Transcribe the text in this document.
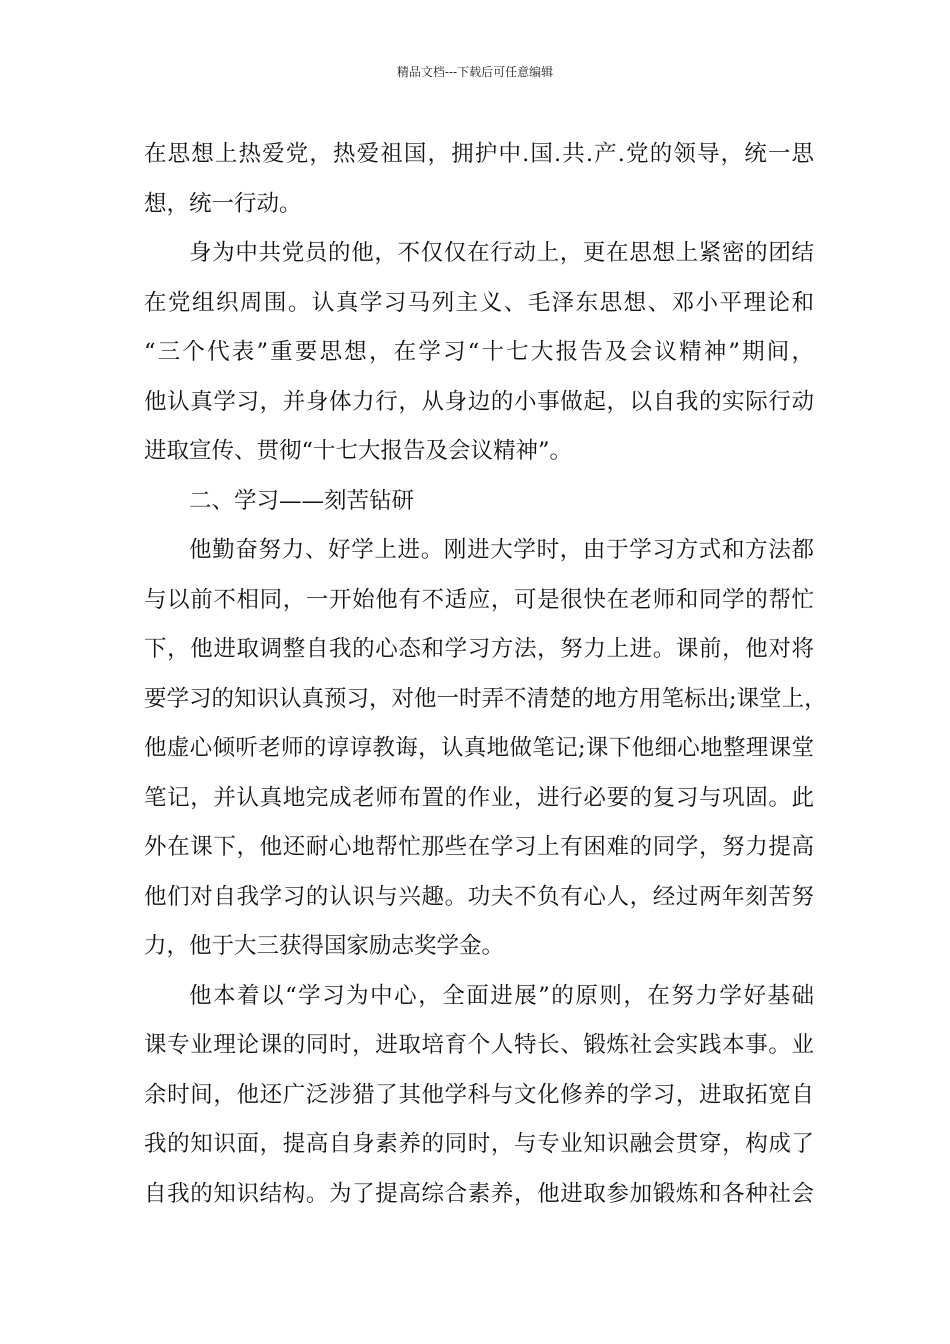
精品文档---下载后可任意编辑
在思想上热爱党，热爱祖国，拥护中.国.共.产.党的领导，统一思
想，统一行动。
身为中共党员的他，不仅仅在行动上，更在思想上紧密的团结
在党组织周围。认真学习马列主义、毛泽东思想、邓小平理论和
“三个代表”重要思想，在学习“十七大报告及会议精神”期间，
他认真学习，并身体力行，从身边的小事做起，以自我的实际行动
进取宣传、贯彻“十七大报告及会议精神”。
二、学习——刻苦钻研
他勤奋努力、好学上进。刚进大学时，由于学习方式和方法都
与以前不相同，一开始他有不适应，可是很快在老师和同学的帮忙
下，他进取调整自我的心态和学习方法，努力上进。课前，他对将
要学习的知识认真预习，对他一时弄不清楚的地方用笔标出;课堂上，
他虚心倾听老师的谆谆教诲，认真地做笔记;课下他细心地整理课堂
笔记，并认真地完成老师布置的作业，进行必要的复习与巩固。此
外在课下，他还耐心地帮忙那些在学习上有困难的同学，努力提高
他们对自我学习的认识与兴趣。功夫不负有心人，经过两年刻苦努
力，他于大三获得国家励志奖学金。
他本着以“学习为中心，全面进展”的原则，在努力学好基础
课专业理论课的同时，进取培育个人特长、锻炼社会实践本事。业
余时间，他还广泛涉猎了其他学科与文化修养的学习，进取拓宽自
我的知识面，提高自身素养的同时，与专业知识融会贯穿，构成了
自我的知识结构。为了提高综合素养，他进取参加锻炼和各种社会
